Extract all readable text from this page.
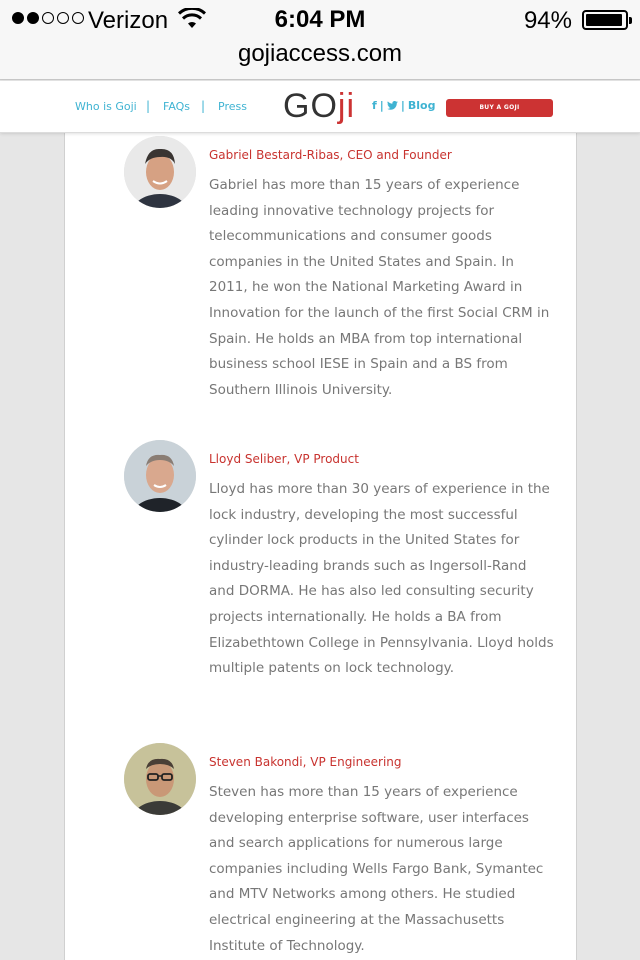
Verizon	6:04 PM	94%
gojiaccess.com
Who is Goji | FAQs | Press GOji f | | Blog	BUY A GOJI
Gabriel Bestard-Ribas, CEO and Founder
Gabriel has more than 15 years of experience leading innovative technology projects for telecommunications and consumer goods companies in the United States and Spain. In 2011, he won the National Marketing Award in Innovation for the launch of the first Social CRM in Spain. He holds an MBA from top international business school IESE in Spain and a BS from Southern Illinois University.
Lloyd Seliber, VP Product
Lloyd has more than 30 years of experience in the lock industry, developing the most successful cylinder lock products in the United States for industry-leading brands such as Ingersoll-Rand and DORMA. He has also led consulting security projects internationally. He holds a BA from Elizabethtown College in Pennsylvania. Lloyd holds multiple patents on lock technology.
Steven Bakondi, VP Engineering
Steven has more than 15 years of experience developing enterprise software, user interfaces and search applications for numerous large companies including Wells Fargo Bank, Symantec and MTV Networks among others. He studied electrical engineering at the Massachusetts Institute of Technology.
